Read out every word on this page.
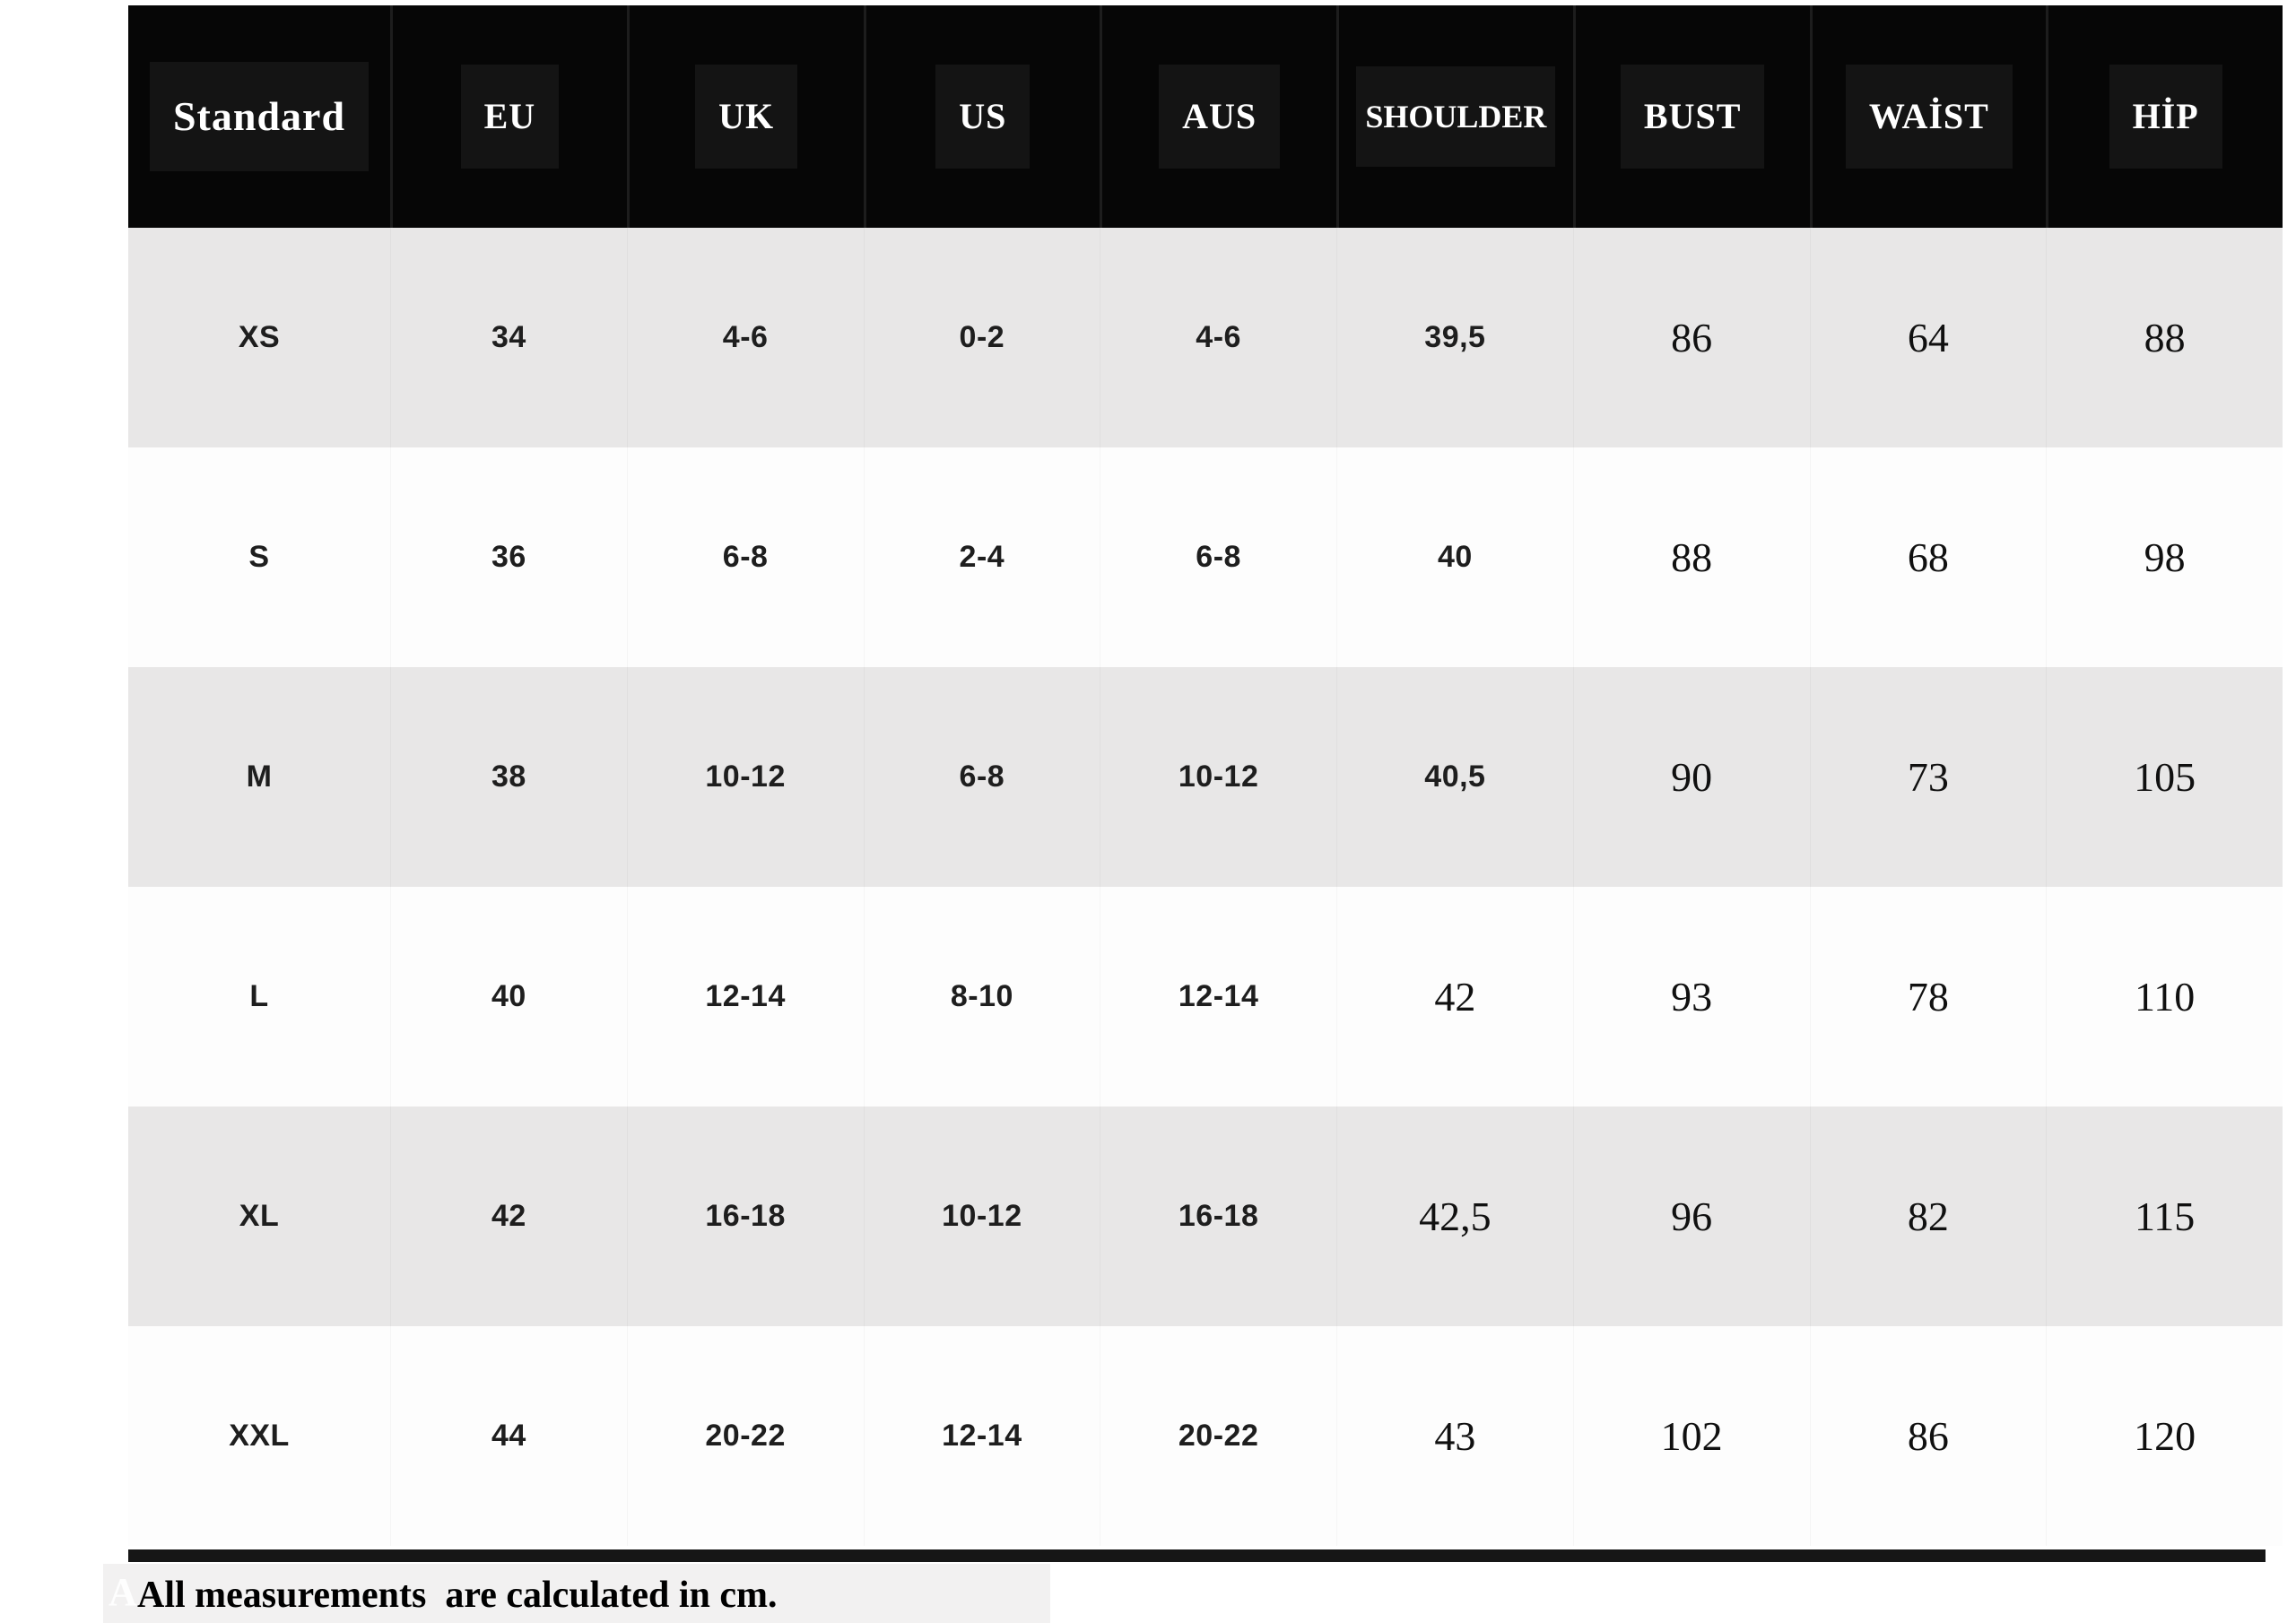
Standard	EU	UK	US	AUS	SHOULDER	BUST	WAİST	HİP
XS	34	4-6	0-2	4-6	39,5	86	64	88
S	36	6-8	2-4	6-8	40	88	68	98
M	38	10-12	6-8	10-12	40,5	90	73	105
L	40	12-14	8-10	12-14	42	93	78	110
XL	42	16-18	10-12	16-18	42,5	96	82	115
XXL	44	20-22	12-14	20-22	43	102	86	120
A All measurements  are calculated in cm.
